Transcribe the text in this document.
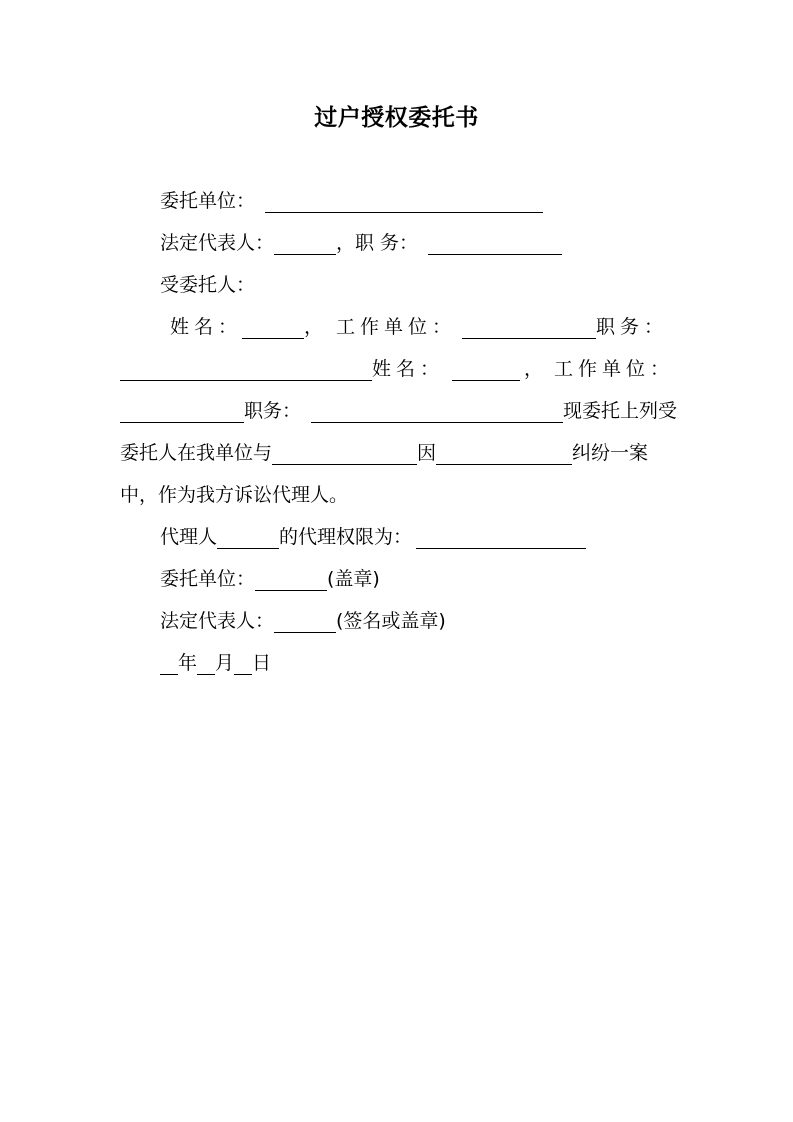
过户授权委托书
委托单位：
法定代表人：	，职 务：
受委托人：
姓名：	， 工作单位：	职务：
姓名：	， 工作单位：
职务：	现委托上列受
委托人在我单位与	因	纠纷一案
中，作为我方诉讼代理人。
代理人	的代理权限为：
委托单位：	(盖章)
法定代表人：	(签名或盖章)
年 月 日
